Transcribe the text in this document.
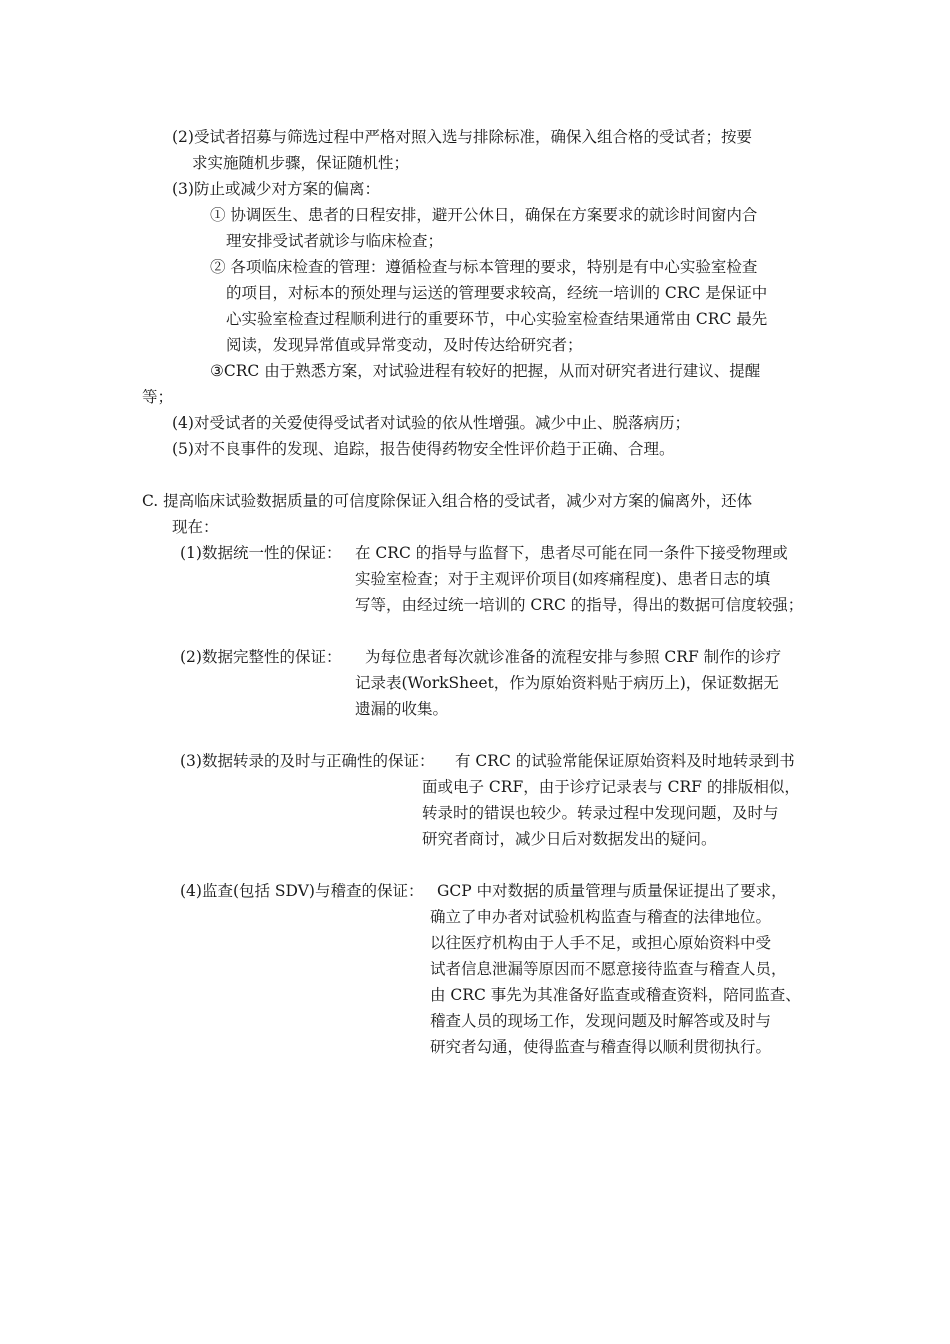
(2)受试者招募与筛选过程中严格对照入选与排除标准，确保入组合格的受试者；按要
求实施随机步骤，保证随机性；
(3)防止或减少对方案的偏离：
① 协调医生、患者的日程安排，避开公休日，确保在方案要求的就诊时间窗内合
理安排受试者就诊与临床检查；
② 各项临床检查的管理：遵循检查与标本管理的要求，特别是有中心实验室检查
的项目，对标本的预处理与运送的管理要求较高，经统一培训的 CRC 是保证中
心实验室检查过程顺利进行的重要环节，中心实验室检查结果通常由 CRC 最先
阅读，发现异常值或异常变动，及时传达给研究者；
③CRC 由于熟悉方案，对试验进程有较好的把握，从而对研究者进行建议、提醒
等；
(4)对受试者的关爱使得受试者对试验的依从性增强。减少中止、脱落病历；
(5)对不良事件的发现、追踪，报告使得药物安全性评价趋于正确、合理。
C. 提高临床试验数据质量的可信度除保证入组合格的受试者，减少对方案的偏离外，还体
现在：
(1)数据统一性的保证： 在 CRC 的指导与监督下，患者尽可能在同一条件下接受物理或
实验室检查；对于主观评价项目(如疼痛程度)、患者日志的填
写等，由经过统一培训的 CRC 的指导，得出的数据可信度较强；
(2)数据完整性的保证： 为每位患者每次就诊准备的流程安排与参照 CRF 制作的诊疗
记录表(WorkSheet，作为原始资料贴于病历上)，保证数据无
遗漏的收集。
(3)数据转录的及时与正确性的保证： 有 CRC 的试验常能保证原始资料及时地转录到书
面或电子 CRF，由于诊疗记录表与 CRF 的排版相似，
转录时的错误也较少。转录过程中发现问题，及时与
研究者商讨，减少日后对数据发出的疑问。
(4)监查(包括 SDV)与稽查的保证： GCP 中对数据的质量管理与质量保证提出了要求，
确立了申办者对试验机构监查与稽查的法律地位。
以往医疗机构由于人手不足，或担心原始资料中受
试者信息泄漏等原因而不愿意接待监查与稽查人员，
由 CRC 事先为其准备好监查或稽查资料，陪同监查、
稽查人员的现场工作，发现问题及时解答或及时与
研究者勾通，使得监查与稽查得以顺利贯彻执行。
